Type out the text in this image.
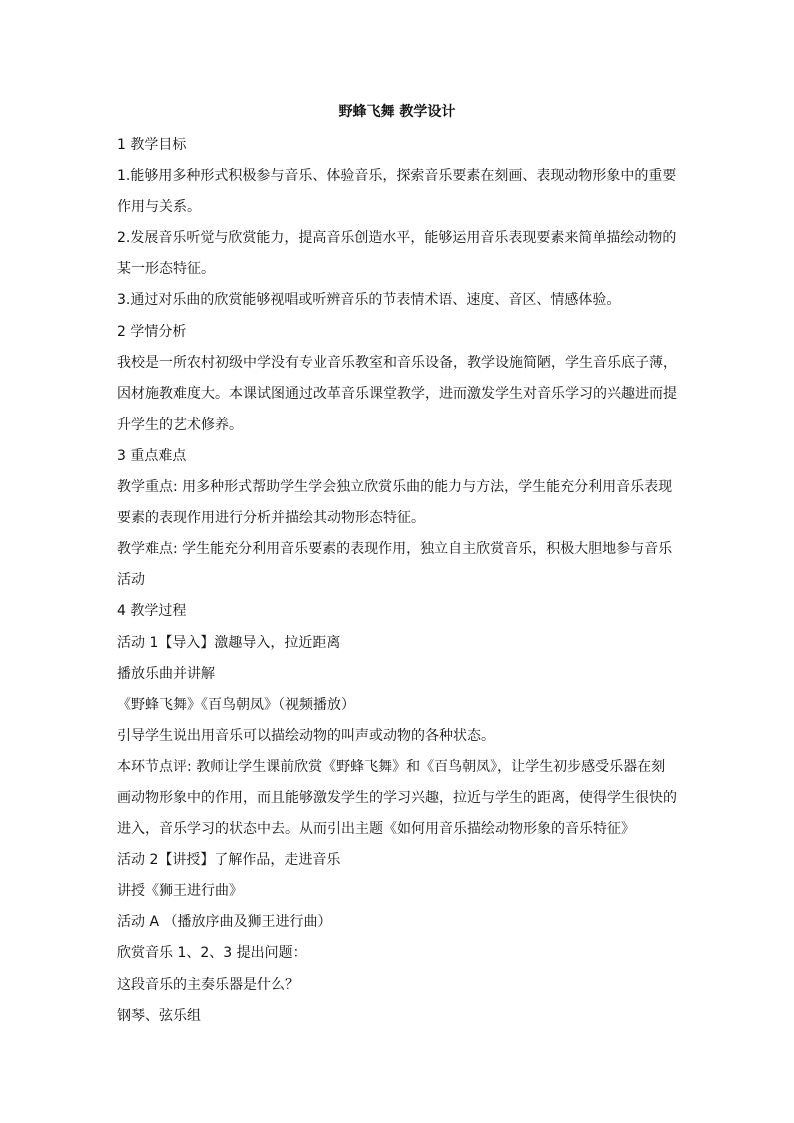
野蜂飞舞 教学设计
1 教学目标
1.能够用多种形式积极参与音乐、体验音乐，探索音乐要素在刻画、表现动物形象中的重要
作用与关系。
2.发展音乐听觉与欣赏能力，提高音乐创造水平，能够运用音乐表现要素来简单描绘动物的
某一形态特征。
3.通过对乐曲的欣赏能够视唱或听辨音乐的节表情术语、速度、音区、情感体验。
2 学情分析
我校是一所农村初级中学没有专业音乐教室和音乐设备，教学设施简陋，学生音乐底子薄，
因材施教难度大。本课试图通过改革音乐课堂教学，进而激发学生对音乐学习的兴趣进而提
升学生的艺术修养。
3 重点难点
教学重点: 用多种形式帮助学生学会独立欣赏乐曲的能力与方法，学生能充分利用音乐表现
要素的表现作用进行分析并描绘其动物形态特征。
教学难点: 学生能充分利用音乐要素的表现作用，独立自主欣赏音乐，积极大胆地参与音乐
活动
4 教学过程
活动 1【导入】激趣导入，拉近距离
播放乐曲并讲解
《野蜂飞舞》《百鸟朝凤》（视频播放）
引导学生说出用音乐可以描绘动物的叫声或动物的各种状态。
本环节点评: 教师让学生课前欣赏《野蜂飞舞》和《百鸟朝凤》，让学生初步感受乐器在刻
画动物形象中的作用，而且能够激发学生的学习兴趣，拉近与学生的距离，使得学生很快的
进入，音乐学习的状态中去。从而引出主题《如何用音乐描绘动物形象的音乐特征》
活动 2【讲授】了解作品，走进音乐
讲授《狮王进行曲》
活动 A （播放序曲及狮王进行曲）
欣赏音乐 1、2、3 提出问题：
这段音乐的主奏乐器是什么？
钢琴、弦乐组
